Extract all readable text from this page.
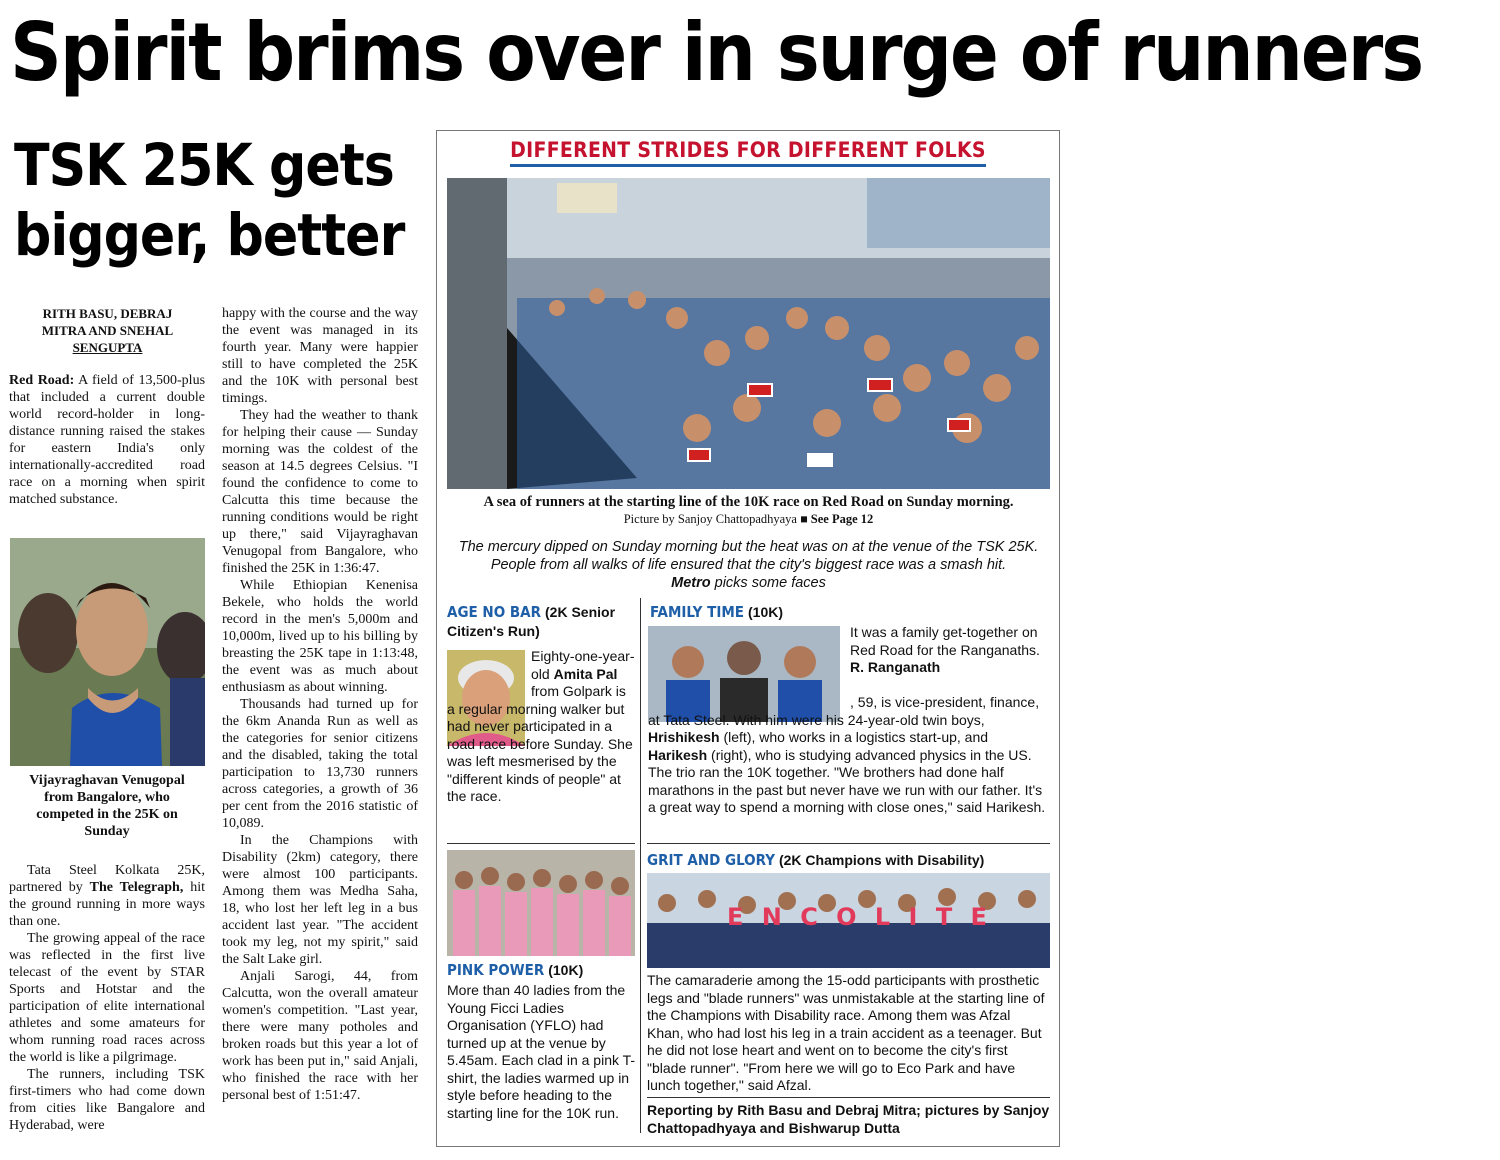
Spirit brims over in surge of runners
TSK 25K gets bigger, better
RITH BASU, DEBRAJ
MITRA AND SNEHAL
SENGUPTA

Red Road: A field of 13,500-plus that included a current double world record-holder in long-distance running raised the stakes for eastern India's only internationally-accredited road race on a morning when spirit matched substance.

Vijayraghavan Venugopal from Bangalore, who competed in the 25K on Sunday

Tata Steel Kolkata 25K, partnered by The Telegraph, hit the ground running in more ways than one.

The growing appeal of the race was reflected in the first live telecast of the event by STAR Sports and Hotstar and the participation of elite international athletes and some amateurs for whom running road races across the world is like a pilgrimage.

The runners, including TSK first-timers who had come down from cities like Bangalore and Hyderabad, were

happy with the course and the way the event was managed in its fourth year. Many were happier still to have completed the 25K and the 10K with personal best timings.

They had the weather to thank for helping their cause — Sunday morning was the coldest of the season at 14.5 degrees Celsius. "I found the confidence to come to Calcutta this time because the running conditions would be right up there," said Vijayraghavan Venugopal from Bangalore, who finished the 25K in 1:36:47.

While Ethiopian Kenenisa Bekele, who holds the world record in the men's 5,000m and 10,000m, lived up to his billing by breasting the 25K tape in 1:13:48, the event was as much about enthusiasm as about winning.

Thousands had turned up for the 6km Ananda Run as well as the categories for senior citizens and the disabled, taking the total participation to 13,730 runners across categories, a growth of 36 per cent from the 2016 statistic of 10,089.

In the Champions with Disability (2km) category, there were almost 100 participants. Among them was Medha Saha, 18, who lost her left leg in a bus accident last year. "The accident took my leg, not my spirit," said the Salt Lake girl.

Anjali Sarogi, 44, from Calcutta, won the overall amateur women's competition. "Last year, there were many potholes and broken roads but this year a lot of work has been put in," said Anjali, who finished the race with her personal best of 1:51:47.

DIFFERENT STRIDES FOR DIFFERENT FOLKS
A sea of runners at the starting line of the 10K race on Red Road on Sunday morning.
Picture by Sanjoy Chattopadhyaya ■ See Page 12
The mercury dipped on Sunday morning but the heat was on at the venue of the TSK 25K.
People from all walks of life ensured that the city's biggest race was a smash hit.
Metro picks some faces
AGE NO BAR (2K Senior Citizen's Run)
Eighty-one-year-old Amita Pal
from Golpark is a regular morning walker but had never participated in a road race before Sunday. She was left mesmerised by the "different kinds of people" at the race.
FAMILY TIME (10K)
It was a family get-together on Red Road for the Ranganaths. R. Ranganath
, 59, is vice-president, finance, at Tata Steel. With him were his 24-year-old twin boys, Hrishikesh (left), who works in a logistics start-up, and Harikesh (right), who is studying advanced physics in the US. The trio ran the 10K together. "We brothers had done half marathons in the past but never have we run with our father. It's a great way to spend a morning with close ones," said Harikesh.
PINK POWER (10K)
More than 40 ladies from the Young Ficci Ladies Organisation (YFLO) had turned up at the venue by 5.45am. Each clad in a pink T-shirt, the ladies warmed up in style before heading to the starting line for the 10K run.
GRIT AND GLORY (2K Champions with Disability)
E N C O L I T E
The camaraderie among the 15-odd participants with prosthetic legs and "blade runners" was unmistakable at the starting line of the Champions with Disability race. Among them was Afzal Khan, who had lost his leg in a train accident as a teenager. But he did not lose heart and went on to become the city's first "blade runner". "From here we will go to Eco Park and have lunch together," said Afzal.
Reporting by Rith Basu and Debraj Mitra; pictures by Sanjoy Chattopadhyaya and Bishwarup Dutta
